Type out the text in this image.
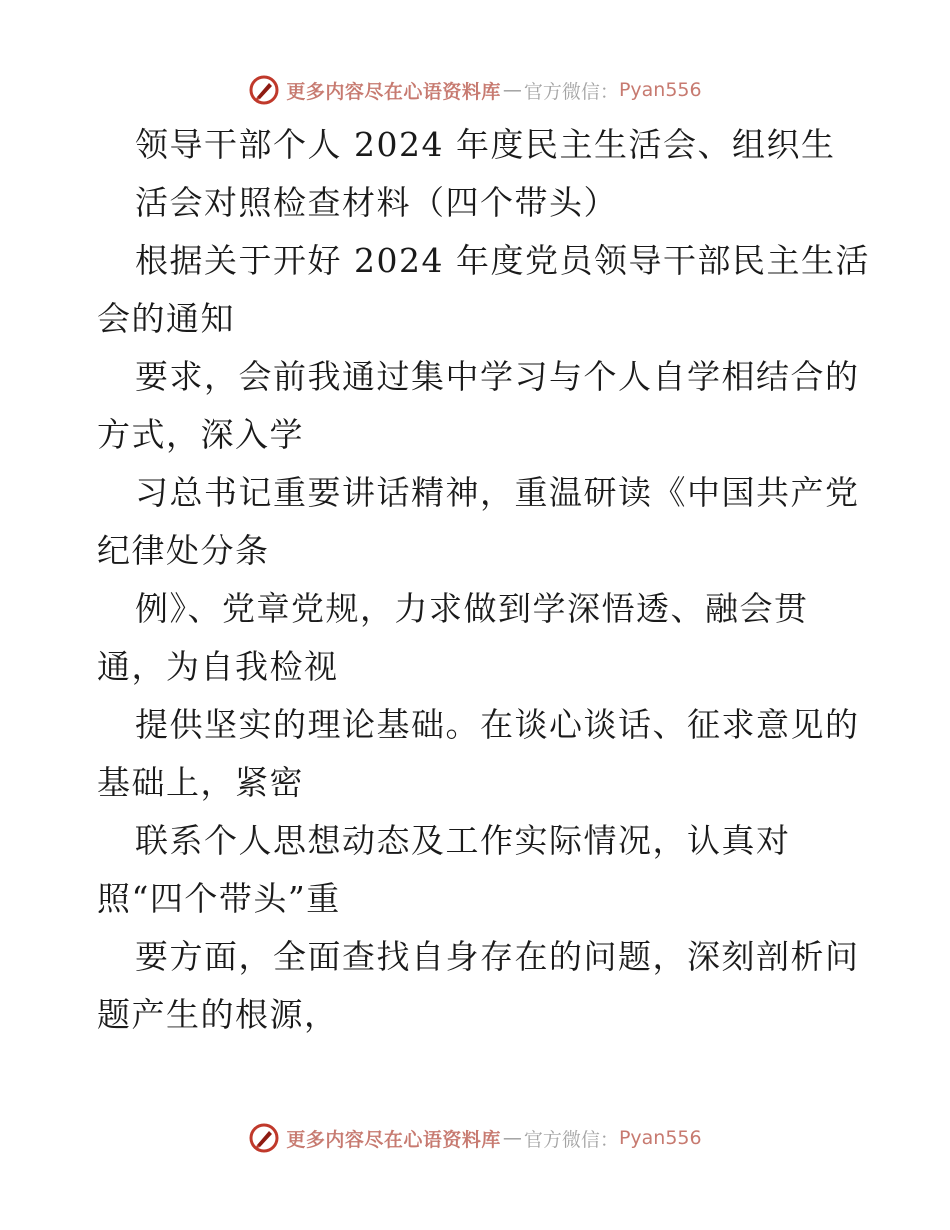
更多内容尽在心语资料库 — 官方微信： Pyan556
领导干部个人 2024 年度民主生活会、组织生
活会对照检查材料（四个带头）
根据关于开好 2024 年度党员领导干部民主生活
会的通知
要求，会前我通过集中学习与个人自学相结合的
方式，深入学
习总书记重要讲话精神，重温研读《中国共产党
纪律处分条
例》、党章党规，力求做到学深悟透、融会贯
通，为自我检视
提供坚实的理论基础。在谈心谈话、征求意见的
基础上，紧密
联系个人思想动态及工作实际情况，认真对
照“四个带头”重
要方面，全面查找自身存在的问题，深刻剖析问
题产生的根源，
更多内容尽在心语资料库 — 官方微信： Pyan556
